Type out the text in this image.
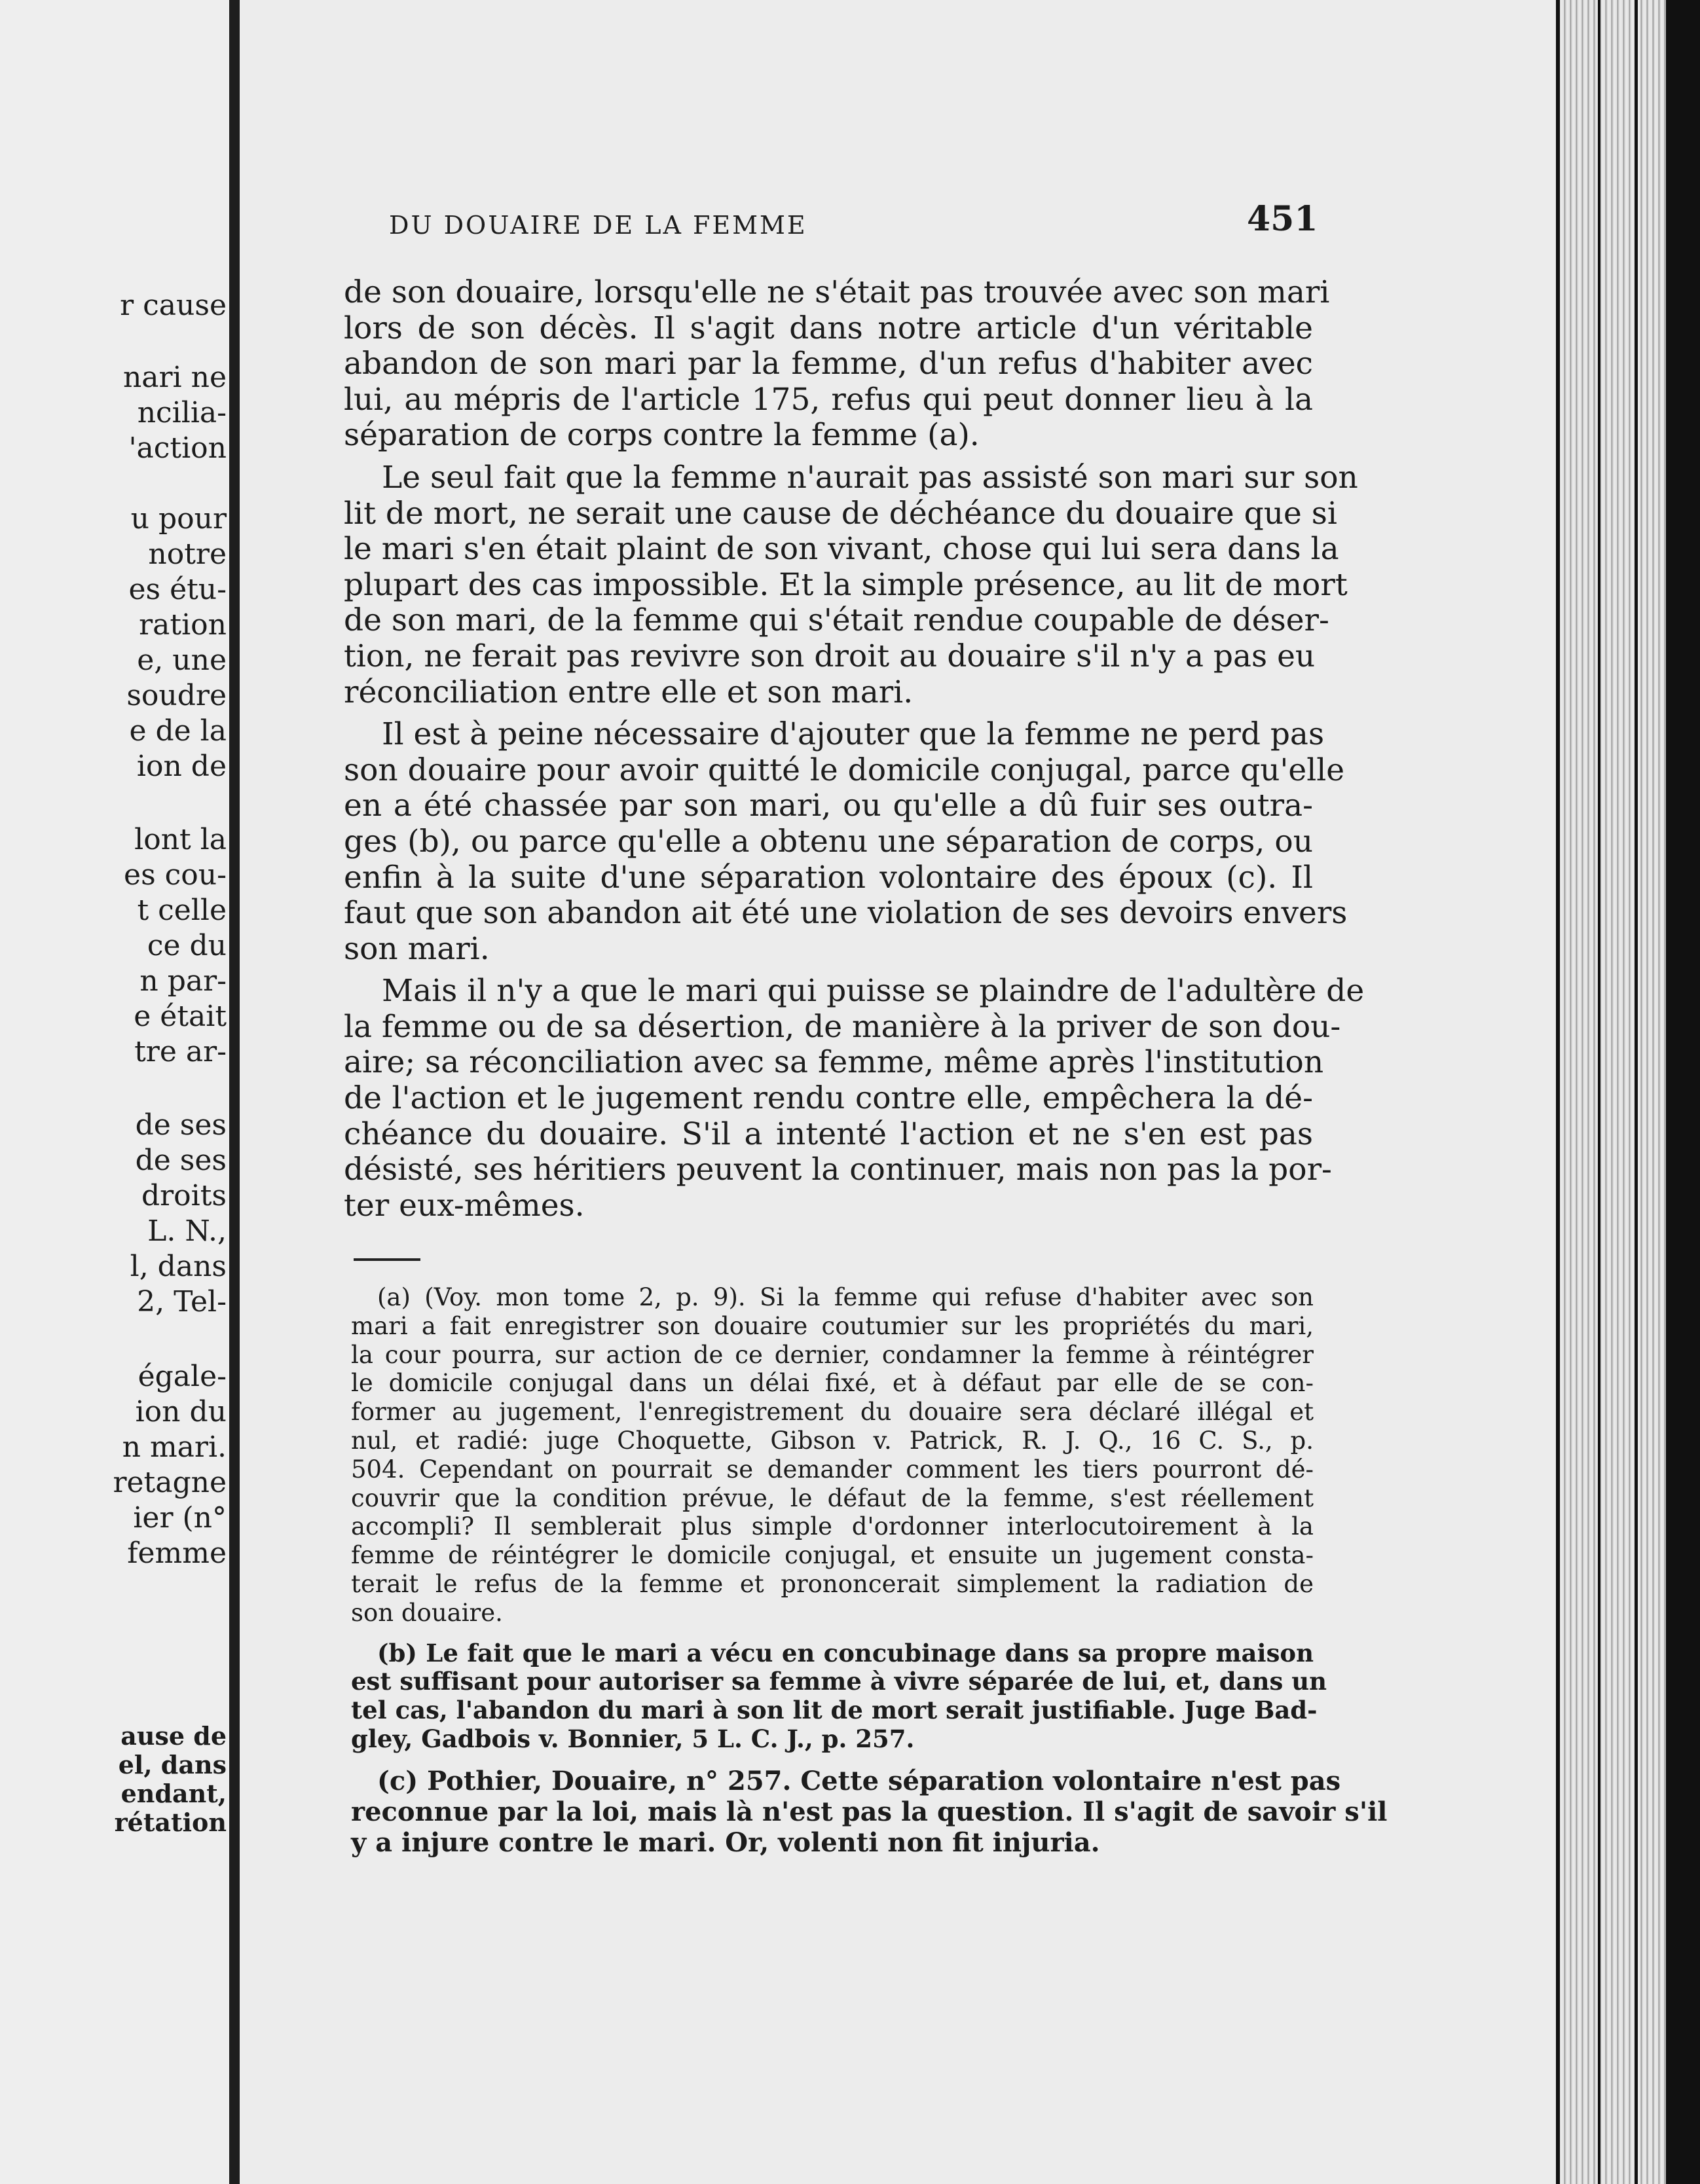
r cause
nari ne
ncilia-
'action
u pour
notre
es étu-
ration
e, une
soudre
e de la
ion de
lont la
es cou-
t celle
ce du
n par-
e était
tre ar-
de ses
de ses
droits
L. N.,
l, dans
2, Tel-
égale-
ion du
n mari.
retagne
ier (n°
femme
ause de
el, dans
endant,
rétation
DU DOUAIRE DE LA FEMME	451

de son douaire, lorsqu'elle ne s'était pas trouvée avec son mari
lors de son décès. Il s'agit dans notre article d'un véritable
abandon de son mari par la femme, d'un refus d'habiter avec
lui, au mépris de l'article 175, refus qui peut donner lieu à la
séparation de corps contre la femme (a).

Le seul fait que la femme n'aurait pas assisté son mari sur son
lit de mort, ne serait une cause de déchéance du douaire que si
le mari s'en était plaint de son vivant, chose qui lui sera dans la
plupart des cas impossible. Et la simple présence, au lit de mort
de son mari, de la femme qui s'était rendue coupable de déser-
tion, ne ferait pas revivre son droit au douaire s'il n'y a pas eu
réconciliation entre elle et son mari.

Il est à peine nécessaire d'ajouter que la femme ne perd pas
son douaire pour avoir quitté le domicile conjugal, parce qu'elle
en a été chassée par son mari, ou qu'elle a dû fuir ses outra-
ges (b), ou parce qu'elle a obtenu une séparation de corps, ou
enfin à la suite d'une séparation volontaire des époux (c). Il
faut que son abandon ait été une violation de ses devoirs envers
son mari.

Mais il n'y a que le mari qui puisse se plaindre de l'adultère de
la femme ou de sa désertion, de manière à la priver de son dou-
aire; sa réconciliation avec sa femme, même après l'institution
de l'action et le jugement rendu contre elle, empêchera la dé-
chéance du douaire. S'il a intenté l'action et ne s'en est pas
désisté, ses héritiers peuvent la continuer, mais non pas la por-
ter eux-mêmes.

(a) (Voy. mon tome 2, p. 9). Si la femme qui refuse d'habiter avec son
mari a fait enregistrer son douaire coutumier sur les propriétés du mari,
la cour pourra, sur action de ce dernier, condamner la femme à réintégrer
le domicile conjugal dans un délai fixé, et à défaut par elle de se con-
former au jugement, l'enregistrement du douaire sera déclaré illégal et
nul, et radié: juge Choquette, Gibson v. Patrick, R. J. Q., 16 C. S., p.
504. Cependant on pourrait se demander comment les tiers pourront dé-
couvrir que la condition prévue, le défaut de la femme, s'est réellement
accompli? Il semblerait plus simple d'ordonner interlocutoirement à la
femme de réintégrer le domicile conjugal, et ensuite un jugement consta-
terait le refus de la femme et prononcerait simplement la radiation de
son douaire.

(b) Le fait que le mari a vécu en concubinage dans sa propre maison
est suffisant pour autoriser sa femme à vivre séparée de lui, et, dans un
tel cas, l'abandon du mari à son lit de mort serait justifiable. Juge Bad-
gley, Gadbois v. Bonnier, 5 L. C. J., p. 257.

(c) Pothier, Douaire, n° 257. Cette séparation volontaire n'est pas
reconnue par la loi, mais là n'est pas la question. Il s'agit de savoir s'il
y a injure contre le mari. Or, volenti non fit injuria.
